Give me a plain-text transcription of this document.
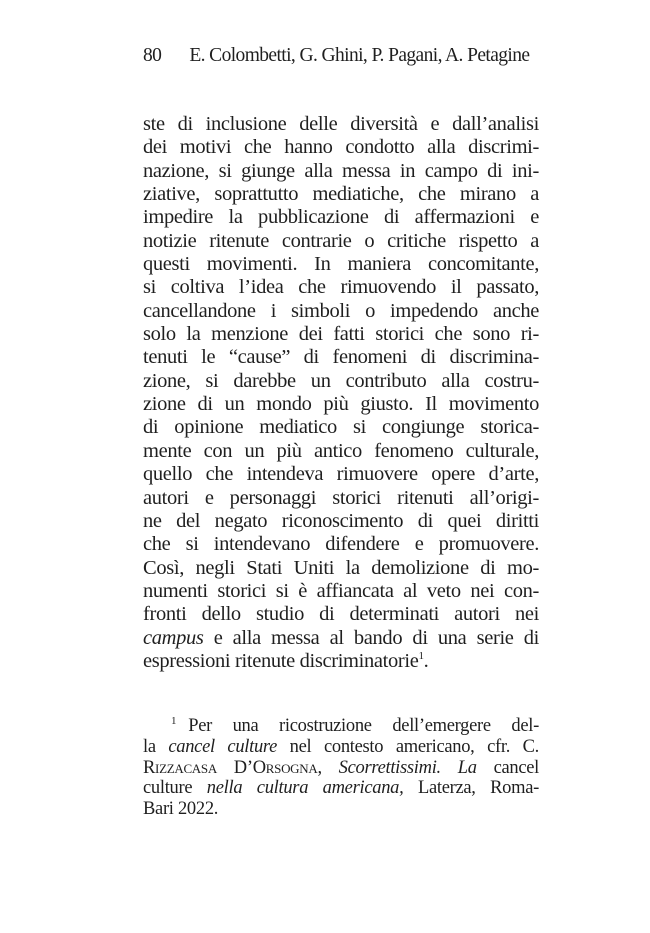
80 E. Colombetti, G. Ghini, P. Pagani, A. Petagine
ste di inclusione delle diversità e dall’analisi
dei motivi che hanno condotto alla discrimi-
nazione, si giunge alla messa in campo di ini-
ziative, soprattutto mediatiche, che mirano a
impedire la pubblicazione di affermazioni e
notizie ritenute contrarie o critiche rispetto a
questi movimenti. In maniera concomitante,
si coltiva l’idea che rimuovendo il passato,
cancellandone i simboli o impedendo anche
solo la menzione dei fatti storici che sono ri-
tenuti le “cause” di fenomeni di discrimina-
zione, si darebbe un contributo alla costru-
zione di un mondo più giusto. Il movimento
di opinione mediatico si congiunge storica-
mente con un più antico fenomeno culturale,
quello che intendeva rimuovere opere d’arte,
autori e personaggi storici ritenuti all’origi-
ne del negato riconoscimento di quei diritti
che si intendevano difendere e promuovere.
Così, negli Stati Uniti la demolizione di mo-
numenti storici si è affiancata al veto nei con-
fronti dello studio di determinati autori nei
campus e alla messa al bando di una serie di
espressioni ritenute discriminatorie$^1$.
$^1$ Per una ricostruzione dell’emergere del-
la cancel culture nel contesto americano, cfr. C.
Rizzacasa D’Orsogna, Scorrettissimi. La cancel
culture nella cultura americana, Laterza, Roma-
Bari 2022.
